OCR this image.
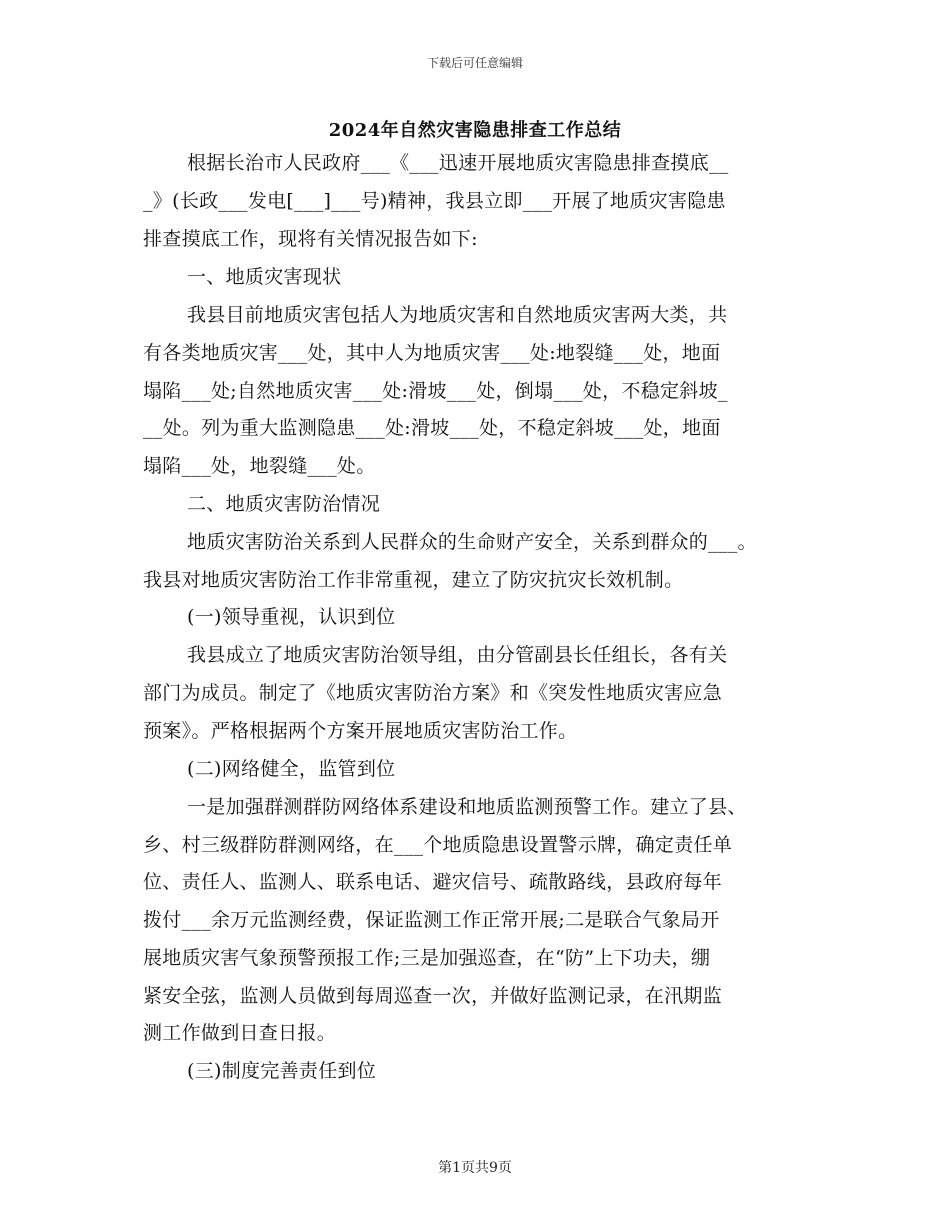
下载后可任意编辑
2024年自然灾害隐患排查工作总结
根据长治市人民政府___《___迅速开展地质灾害隐患排查摸底__
_》(长政___发电[___]___号)精神，我县立即___开展了地质灾害隐患
排查摸底工作，现将有关情况报告如下:
一、地质灾害现状
我县目前地质灾害包括人为地质灾害和自然地质灾害两大类，共
有各类地质灾害___处，其中人为地质灾害___处:地裂缝___处，地面
塌陷___处;自然地质灾害___处:滑坡___处，倒塌___处，不稳定斜坡_
__处。列为重大监测隐患___处:滑坡___处，不稳定斜坡___处，地面
塌陷___处，地裂缝___处。
二、地质灾害防治情况
地质灾害防治关系到人民群众的生命财产安全，关系到群众的___。
我县对地质灾害防治工作非常重视，建立了防灾抗灾长效机制。
(一)领导重视，认识到位
我县成立了地质灾害防治领导组，由分管副县长任组长，各有关
部门为成员。制定了《地质灾害防治方案》和《突发性地质灾害应急
预案》。严格根据两个方案开展地质灾害防治工作。
(二)网络健全，监管到位
一是加强群测群防网络体系建设和地质监测预警工作。建立了县、
乡、村三级群防群测网络，在___个地质隐患设置警示牌，确定责任单
位、责任人、监测人、联系电话、避灾信号、疏散路线，县政府每年
拨付___余万元监测经费，保证监测工作正常开展;二是联合气象局开
展地质灾害气象预警预报工作;三是加强巡查，在“防”上下功夫，绷
紧安全弦，监测人员做到每周巡查一次，并做好监测记录，在汛期监
测工作做到日查日报。
(三)制度完善责任到位
第1页共9页
